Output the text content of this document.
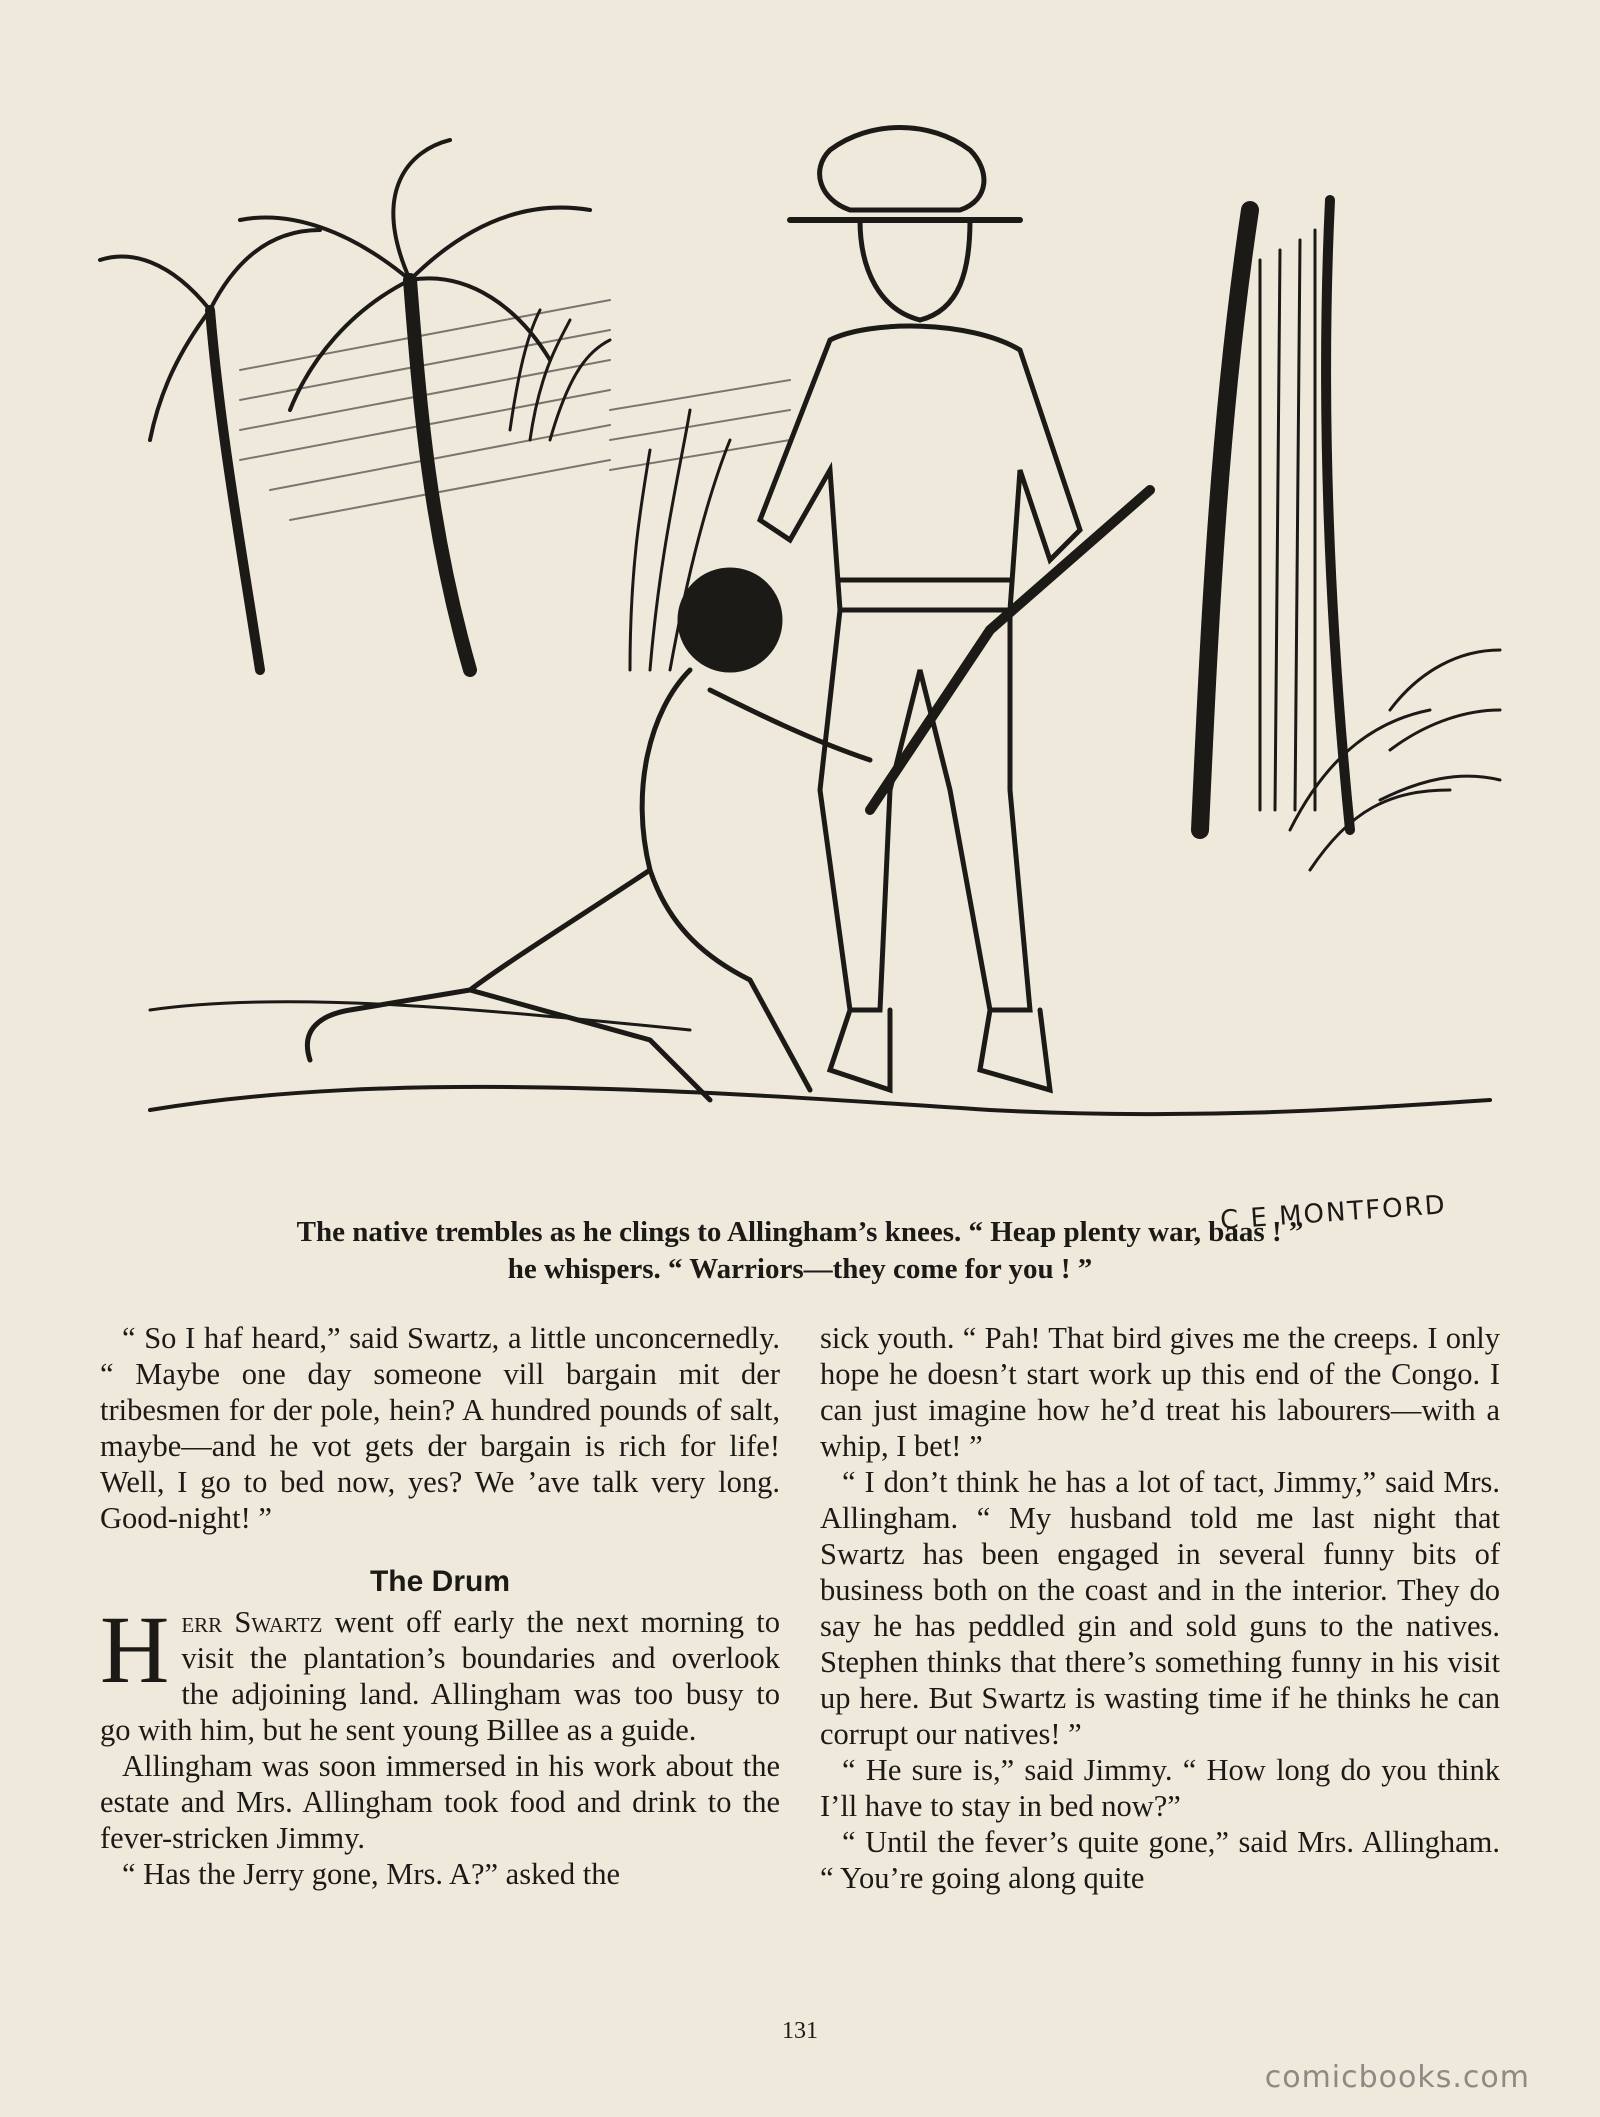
C E MONTFORD
The native trembles as he clings to Allingham’s knees. “ Heap plenty war, baas ! ”
he whispers. “ Warriors—they come for you ! ”

“ So I haf heard,” said Swartz, a little unconcernedly. “ Maybe one day someone vill bargain mit der tribesmen for der pole, hein? A hundred pounds of salt, maybe—and he vot gets der bargain is rich for life! Well, I go to bed now, yes? We ’ave talk very long. Good-night! ”

The Drum

Herr Swartz went off early the next morning to visit the plantation’s boundaries and overlook the adjoining land. Allingham was too busy to go with him, but he sent young Billee as a guide.

Allingham was soon immersed in his work about the estate and Mrs. Allingham took food and drink to the fever-stricken Jimmy.

“ Has the Jerry gone, Mrs. A?” asked the

sick youth. “ Pah! That bird gives me the creeps. I only hope he doesn’t start work up this end of the Congo. I can just imagine how he’d treat his labourers—with a whip, I bet! ”

“ I don’t think he has a lot of tact, Jimmy,” said Mrs. Allingham. “ My husband told me last night that Swartz has been engaged in several funny bits of business both on the coast and in the interior. They do say he has peddled gin and sold guns to the natives. Stephen thinks that there’s something funny in his visit up here. But Swartz is wasting time if he thinks he can corrupt our natives! ”

“ He sure is,” said Jimmy. “ How long do you think I’ll have to stay in bed now?”

“ Until the fever’s quite gone,” said Mrs. Allingham. “ You’re going along quite

131
comicbooks.com
